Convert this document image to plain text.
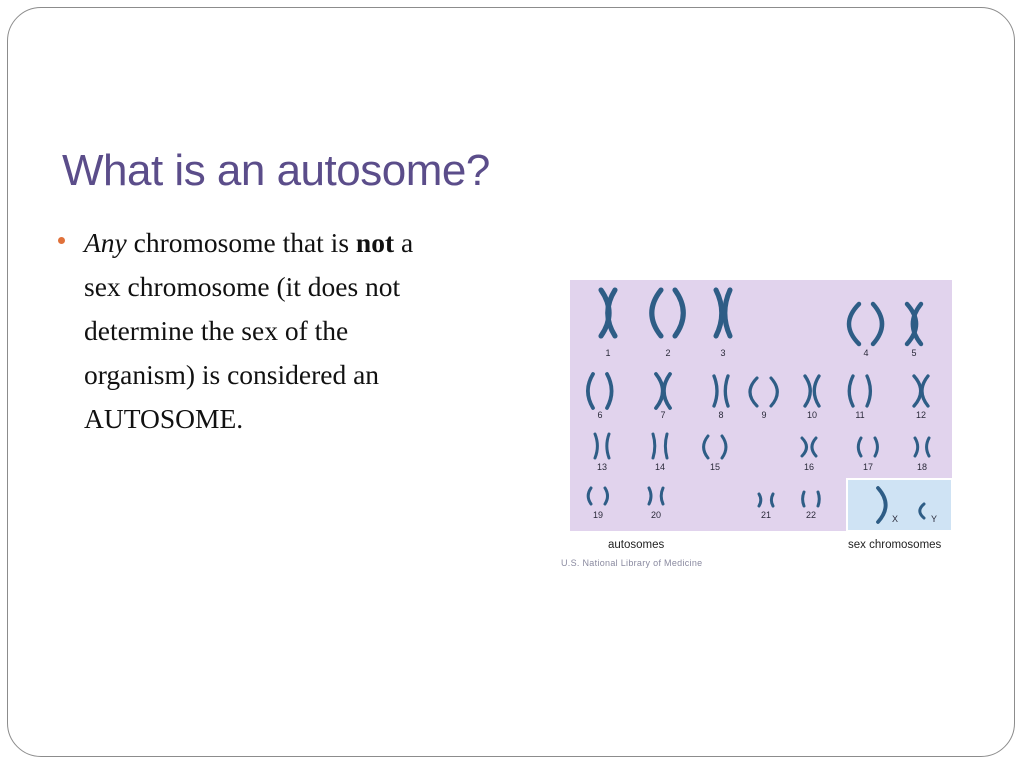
What is an autosome?

Any chromosome that is not a
sex chromosome (it does not
determine the sex of the
organism) is considered an
AUTOSOME.

1	2	3	4	5
6	7	8	9	10	11	12
13	14	15	16	17	18
19	20	21	22	X	Y
autosomes	sex chromosomes
U.S. National Library of Medicine
